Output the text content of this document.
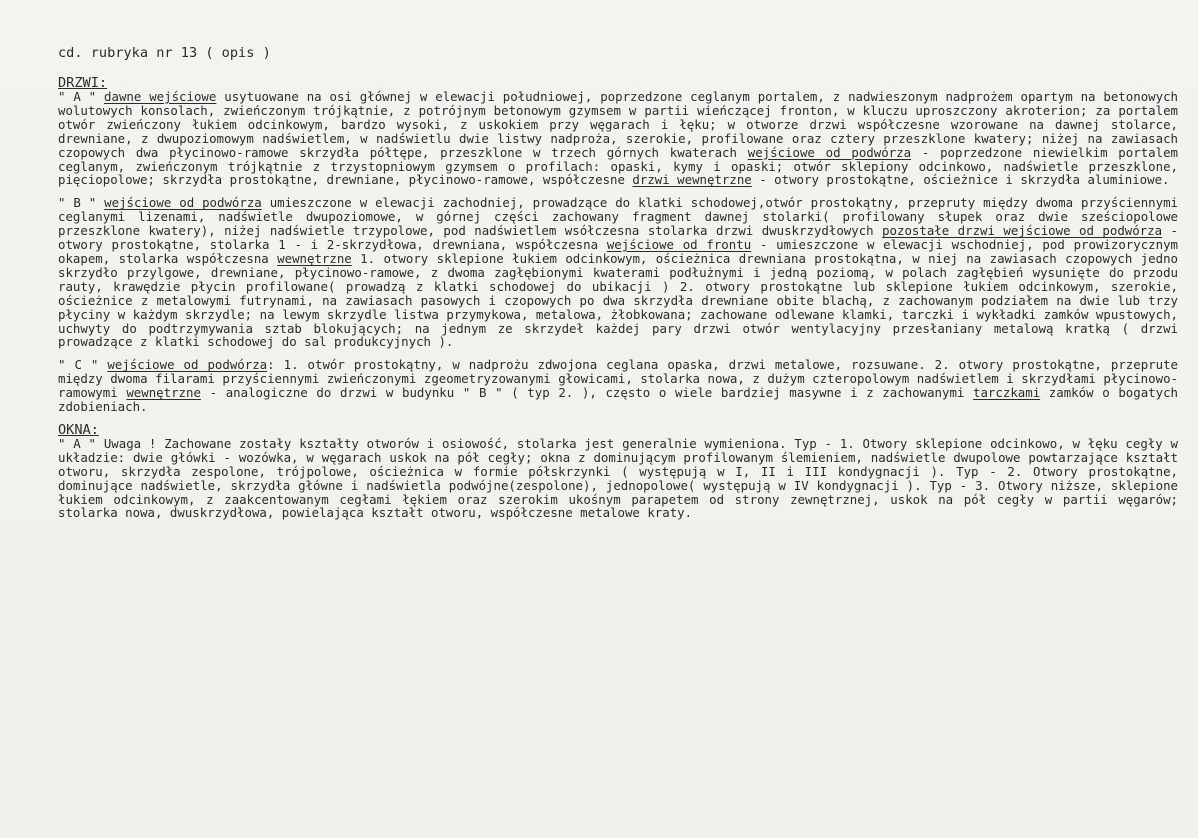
cd. rubryka nr 13 ( opis )
DRZWI:

" A " dawne wejściowe usytuowane na osi głównej w elewacji południowej, poprzedzone ceglanym portalem, z nadwieszonym nadprożem opartym na betonowych wolutowych konsolach, zwieńczonym trójkątnie, z potrójnym betonowym gzymsem w partii wieńczącej fronton, w kluczu uproszczony akroterion; za portalem otwór zwieńczony łukiem odcinkowym, bardzo wysoki, z uskokiem przy węgarach i łęku; w otworze drzwi współczesne wzorowane na dawnej stolarce, drewniane, z dwupoziomowym nadświetlem, w nadświetlu dwie listwy nadproża, szerokie, profilowane oraz cztery przeszklone kwatery; niżej na zawiasach czopowych dwa płycinowo-ramowe skrzydła półtępe, przeszklone w trzech górnych kwaterach wejściowe od podwórza - poprzedzone niewielkim portalem ceglanym, zwieńczonym trójkątnie z trzystopniowym gzymsem o profilach: opaski, kymy i opaski; otwór sklepiony odcinkowo, nadświetle przeszklone, pięciopolowe; skrzydła prostokątne, drewniane, płycinowo-ramowe, współczesne drzwi wewnętrzne - otwory prostokątne, ościeżnice i skrzydła aluminiowe.

" B " wejściowe od podwórza umieszczone w elewacji zachodniej, prowadzące do klatki schodowej,otwór prostokątny, przepruty między dwoma przyściennymi ceglanymi lizenami, nadświetle dwupoziomowe, w górnej części zachowany fragment dawnej stolarki( profilowany słupek oraz dwie sześciopolowe przeszklone kwatery), niżej nadświetle trzypolowe, pod nadświetlem wsółczesna stolarka drzwi dwuskrzydłowych pozostałe drzwi wejściowe od podwórza - otwory prostokątne, stolarka 1 - i 2-skrzydłowa, drewniana, współczesna wejściowe od frontu - umieszczone w elewacji wschodniej, pod prowizorycznym okapem, stolarka współczesna wewnętrzne 1. otwory sklepione łukiem odcinkowym, ościeżnica drewniana prostokątna, w niej na zawiasach czopowych jedno skrzydło przylgowe, drewniane, płycinowo-ramowe, z dwoma zagłębionymi kwaterami podłużnymi i jedną poziomą, w polach zagłębień wysunięte do przodu rauty, krawędzie płycin profilowane( prowadzą z klatki schodowej do ubikacji ) 2. otwory prostokątne lub sklepione łukiem odcinkowym, szerokie, ościeżnice z metalowymi futrynami, na zawiasach pasowych i czopowych po dwa skrzydła drewniane obite blachą, z zachowanym podziałem na dwie lub trzy płyciny w każdym skrzydle; na lewym skrzydle listwa przymykowa, metalowa, żłobkowana; zachowane odlewane klamki, tarczki i wykładki zamków wpustowych, uchwyty do podtrzymywania sztab blokujących; na jednym ze skrzydeł każdej pary drzwi otwór wentylacyjny przesłaniany metalową kratką ( drzwi prowadzące z klatki schodowej do sal produkcyjnych ).

" C " wejściowe od podwórza: 1. otwór prostokątny, w nadprożu zdwojona ceglana opaska, drzwi metalowe, rozsuwane. 2. otwory prostokątne, przeprute między dwoma filarami przyściennymi zwieńczonymi zgeometryzowanymi głowicami, stolarka nowa, z dużym czteropolowym nadświetlem i skrzydłami płycinowo-ramowymi wewnętrzne - analogiczne do drzwi w budynku " B " ( typ 2. ), często o wiele bardziej masywne i z zachowanymi tarczkami zamków o bogatych zdobieniach.

OKNA:

" A " Uwaga ! Zachowane zostały kształty otworów i osiowość, stolarka jest generalnie wymieniona. Typ - 1. Otwory sklepione odcinkowo, w łęku cegły w układzie: dwie główki - wozówka, w węgarach uskok na pół cegły; okna z dominującym profilowanym ślemieniem, nadświetle dwupolowe powtarzające kształt otworu, skrzydła zespolone, trójpolowe, ościeżnica w formie półskrzynki ( występują w I, II i III kondygnacji ). Typ - 2. Otwory prostokątne, dominujące nadświetle, skrzydła główne i nadświetla podwójne(zespolone), jednopolowe( występują w IV kondygnacji ). Typ - 3. Otwory niższe, sklepione łukiem odcinkowym, z zaakcentowanym cegłami łękiem oraz szerokim ukośnym parapetem od strony zewnętrznej, uskok na pół cegły w partii węgarów; stolarka nowa, dwuskrzydłowa, powielająca kształt otworu, współczesne metalowe kraty.
